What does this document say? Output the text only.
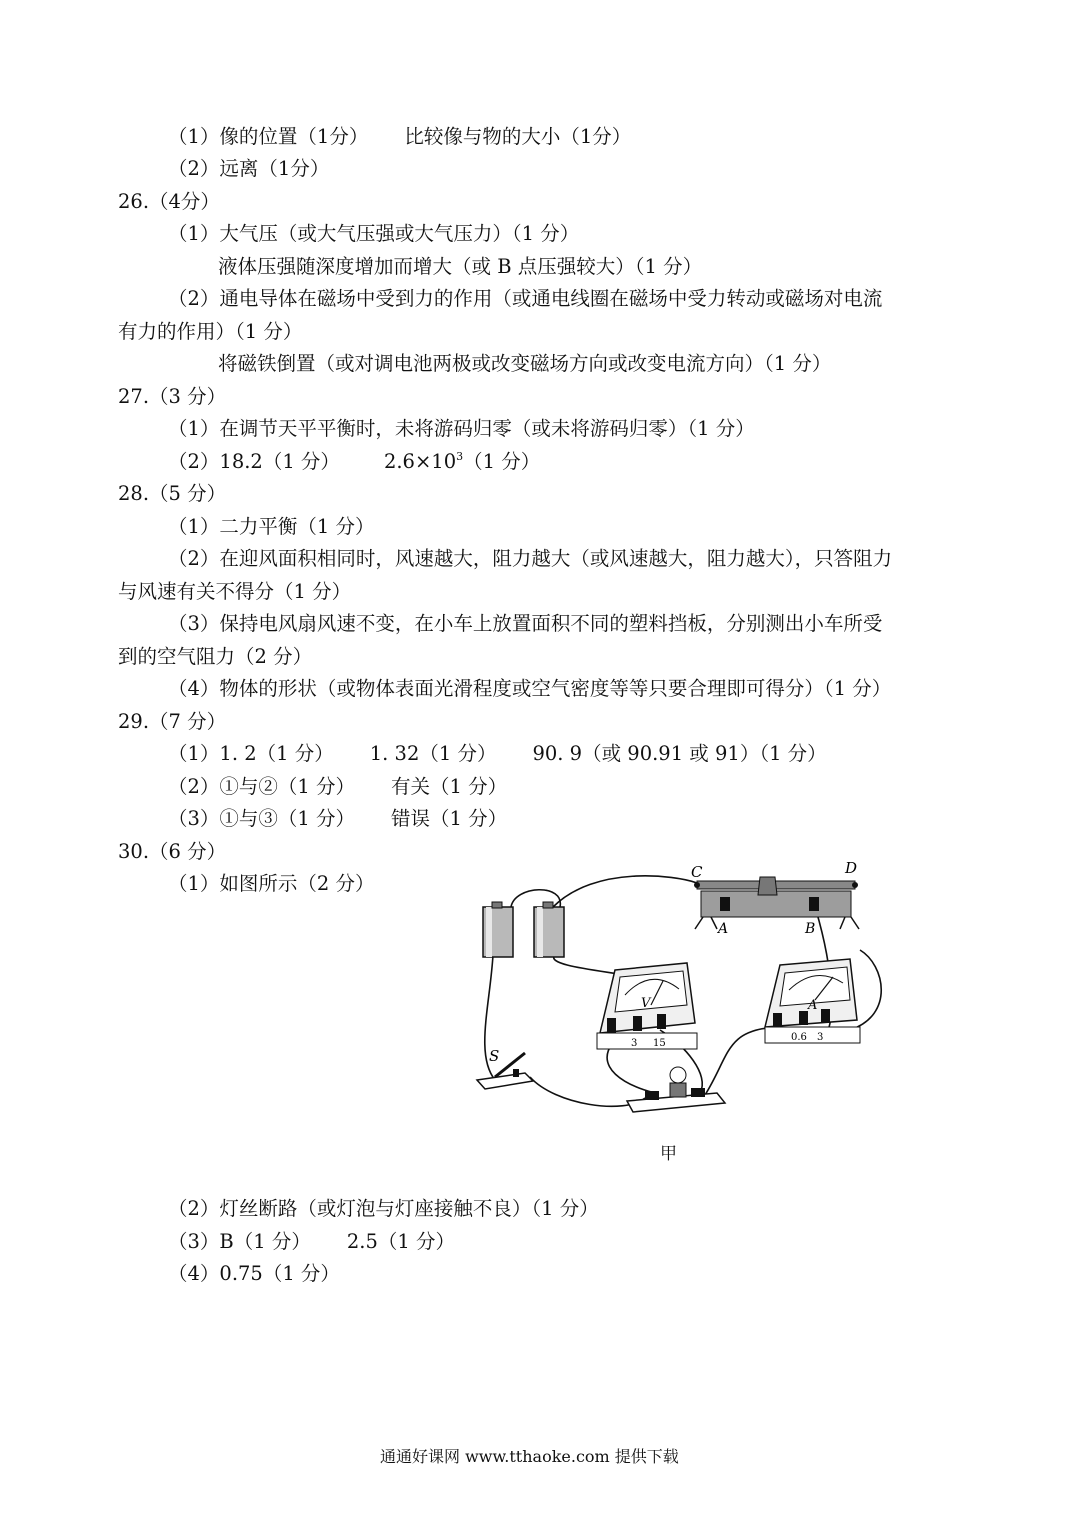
（1）像的位置（1分） 比较像与物的大小（1分）
（2）远离（1分）
26.（4分）
（1）大气压（或大气压强或大气压力）（1 分）
液体压强随深度增加而增大（或 B 点压强较大）（1 分）
（2）通电导体在磁场中受到力的作用（或通电线圈在磁场中受力转动或磁场对电流
有力的作用）（1 分）
将磁铁倒置（或对调电池两极或改变磁场方向或改变电流方向）（1 分）
27.（3 分）
（1）在调节天平平衡时，未将游码归零（或未将游码归零）（1 分）
（2）18.2（1 分） $2.6\times 10^3(1$ 分）
28.（5 分）
（1）二力平衡（1 分）
（2）在迎风面积相同时，风速越大，阻力越大（或风速越大，阻力越大），只答阻力
与风速有关不得分（1 分）
（3）保持电风扇风速不变，在小车上放置面积不同的塑料挡板，分别测出小车所受
到的空气阻力（2 分）
（4）物体的形状（或物体表面光滑程度或空气密度等等只要合理即可得分）（1 分）
29.（7 分）
（1）1. 2（1 分） 1. 32（1 分） 90. 9（或 90.91 或 91）（1 分）
（2）①与②（1 分） 有关（1 分）
（3）①与③（1 分） 错误（1 分）
30.（6 分）
（1）如图所示（2 分）	C	D
A	B
V
3 15
A
0.6 3
S
甲
（2）灯丝断路（或灯泡与灯座接触不良）（1 分）
（3）B（1 分） 2.5（1 分）
（4）0.75（1 分）
通通好课网 www.tthaoke.com 提供下载
